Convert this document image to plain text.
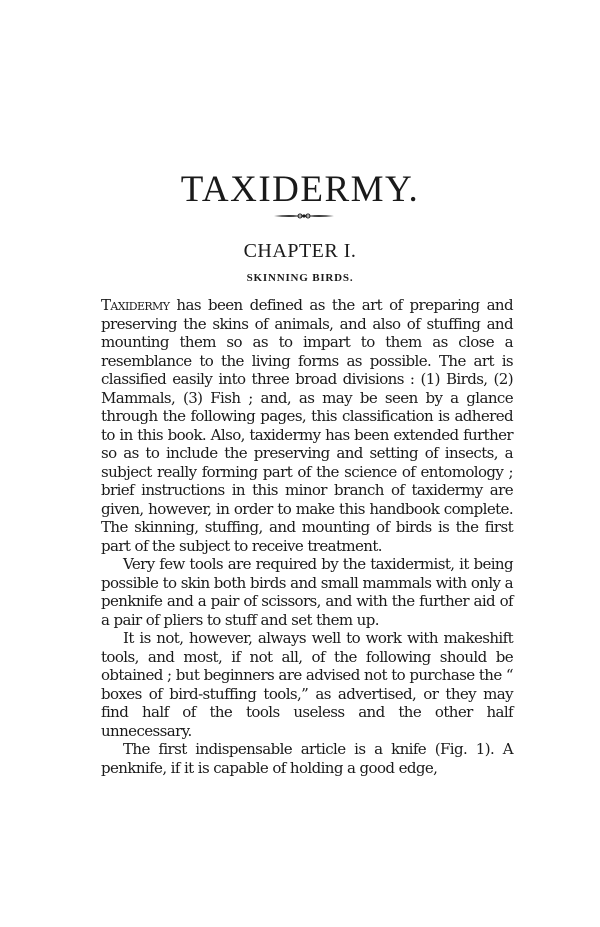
TAXIDERMY.
CHAPTER I.
SKINNING BIRDS.

Taxidermy has been defined as the art of preparing and preserving the skins of animals, and also of stuffing and mounting them so as to impart to them as close a resemblance to the living forms as possible. The art is classified easily into three broad divisions : (1) Birds, (2) Mammals, (3) Fish ; and, as may be seen by a glance through the following pages, this classification is adhered to in this book. Also, taxidermy has been extended further so as to include the preserving and setting of insects, a subject really forming part of the science of entomology ; brief instructions in this minor branch of taxidermy are given, however, in order to make this handbook complete. The skinning, stuffing, and mounting of birds is the first part of the subject to receive treatment.

Very few tools are required by the taxidermist, it being possible to skin both birds and small mammals with only a penknife and a pair of scissors, and with the further aid of a pair of pliers to stuff and set them up.

It is not, however, always well to work with makeshift tools, and most, if not all, of the following should be obtained ; but beginners are advised not to purchase the “ boxes of bird-stuffing tools,” as advertised, or they may find half of the tools useless and the other half unnecessary.

The first indispensable article is a knife (Fig. 1). A penknife, if it is capable of holding a good edge,
